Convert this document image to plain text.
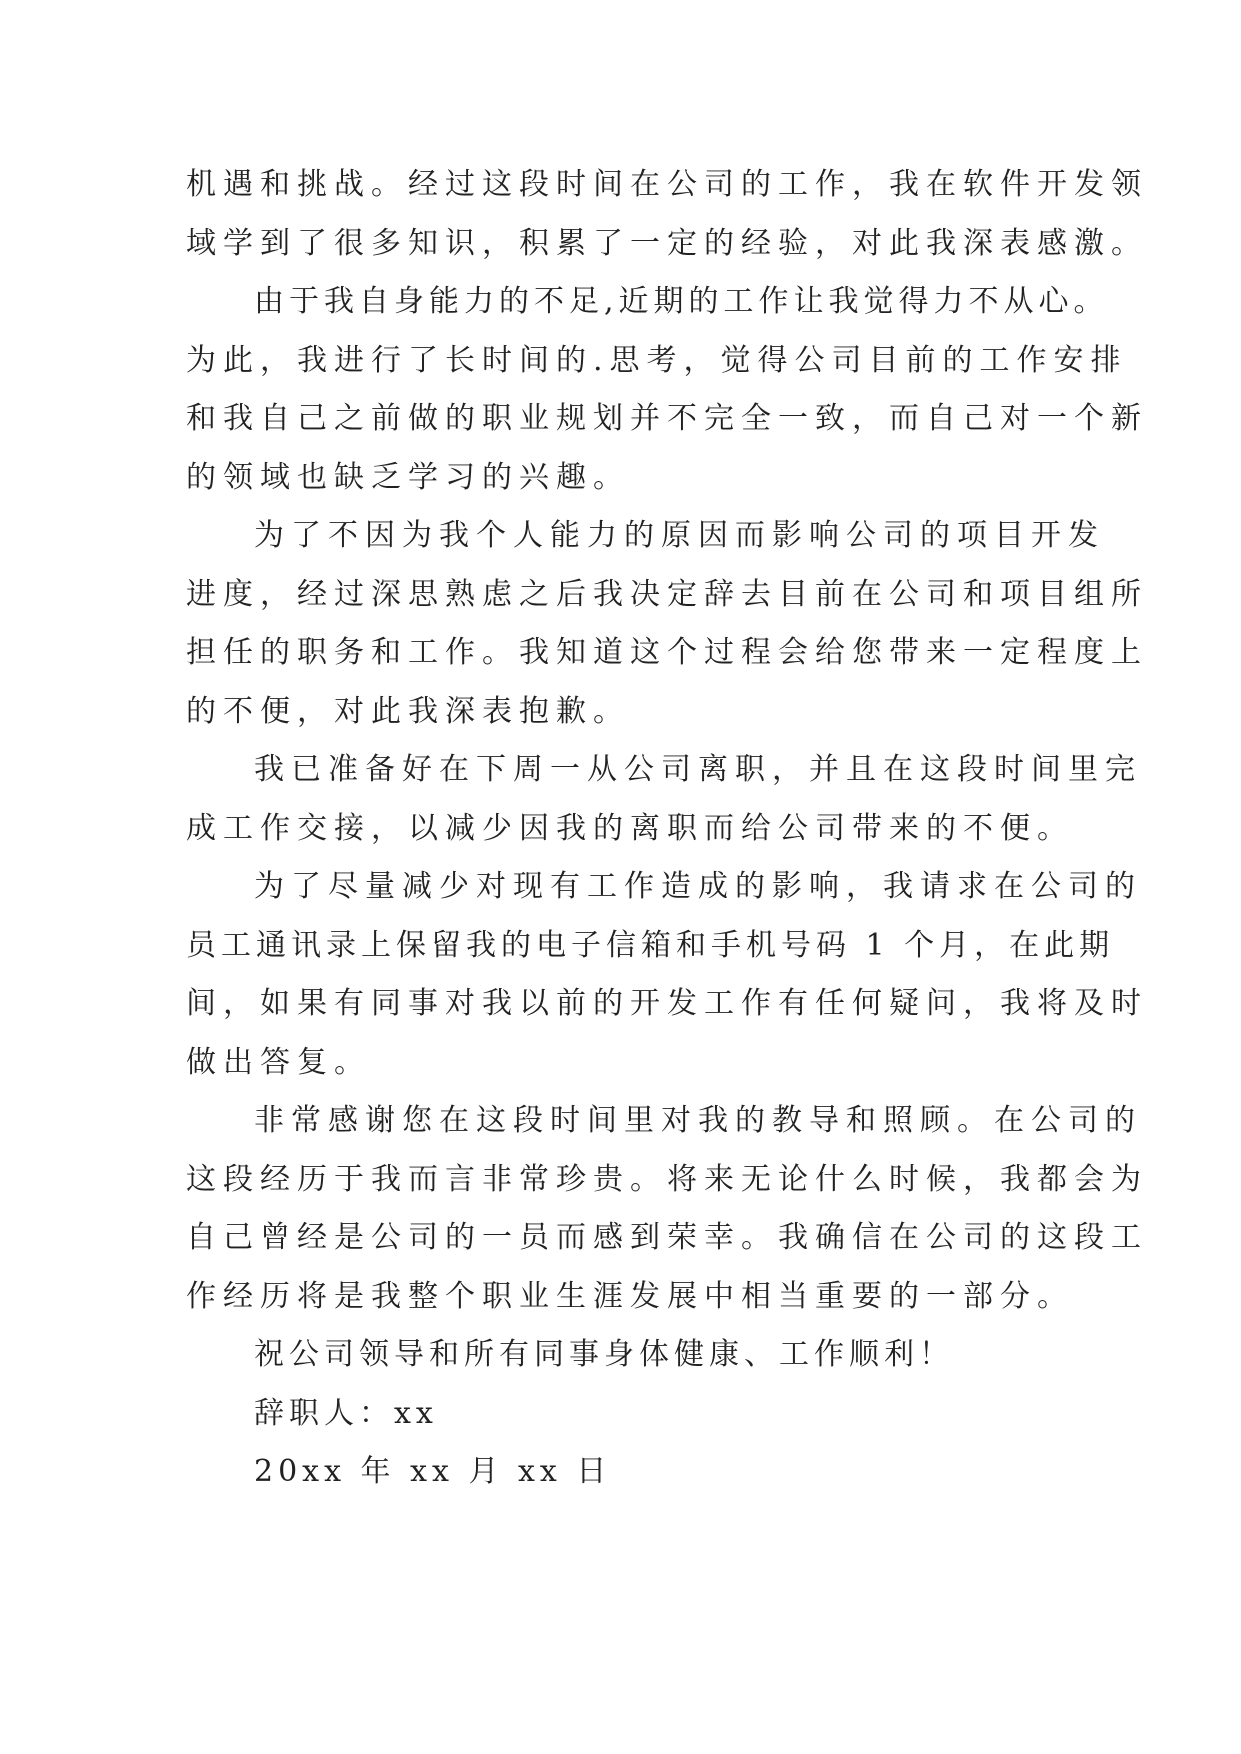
机遇和挑战。经过这段时间在公司的工作，我在软件开发领
域学到了很多知识，积累了一定的经验，对此我深表感激。
由于我自身能力的不足,近期的工作让我觉得力不从心。
为此，我进行了长时间的.思考，觉得公司目前的工作安排
和我自己之前做的职业规划并不完全一致，而自己对一个新
的领域也缺乏学习的兴趣。
为了不因为我个人能力的原因而影响公司的项目开发
进度，经过深思熟虑之后我决定辞去目前在公司和项目组所
担任的职务和工作。我知道这个过程会给您带来一定程度上
的不便，对此我深表抱歉。
我已准备好在下周一从公司离职，并且在这段时间里完
成工作交接，以减少因我的离职而给公司带来的不便。
为了尽量减少对现有工作造成的影响，我请求在公司的
员工通讯录上保留我的电子信箱和手机号码 1 个月，在此期
间，如果有同事对我以前的开发工作有任何疑问，我将及时
做出答复。
非常感谢您在这段时间里对我的教导和照顾。在公司的
这段经历于我而言非常珍贵。将来无论什么时候，我都会为
自己曾经是公司的一员而感到荣幸。我确信在公司的这段工
作经历将是我整个职业生涯发展中相当重要的一部分。
祝公司领导和所有同事身体健康、工作顺利！
辞职人：xx
20xx 年 xx 月 xx 日
